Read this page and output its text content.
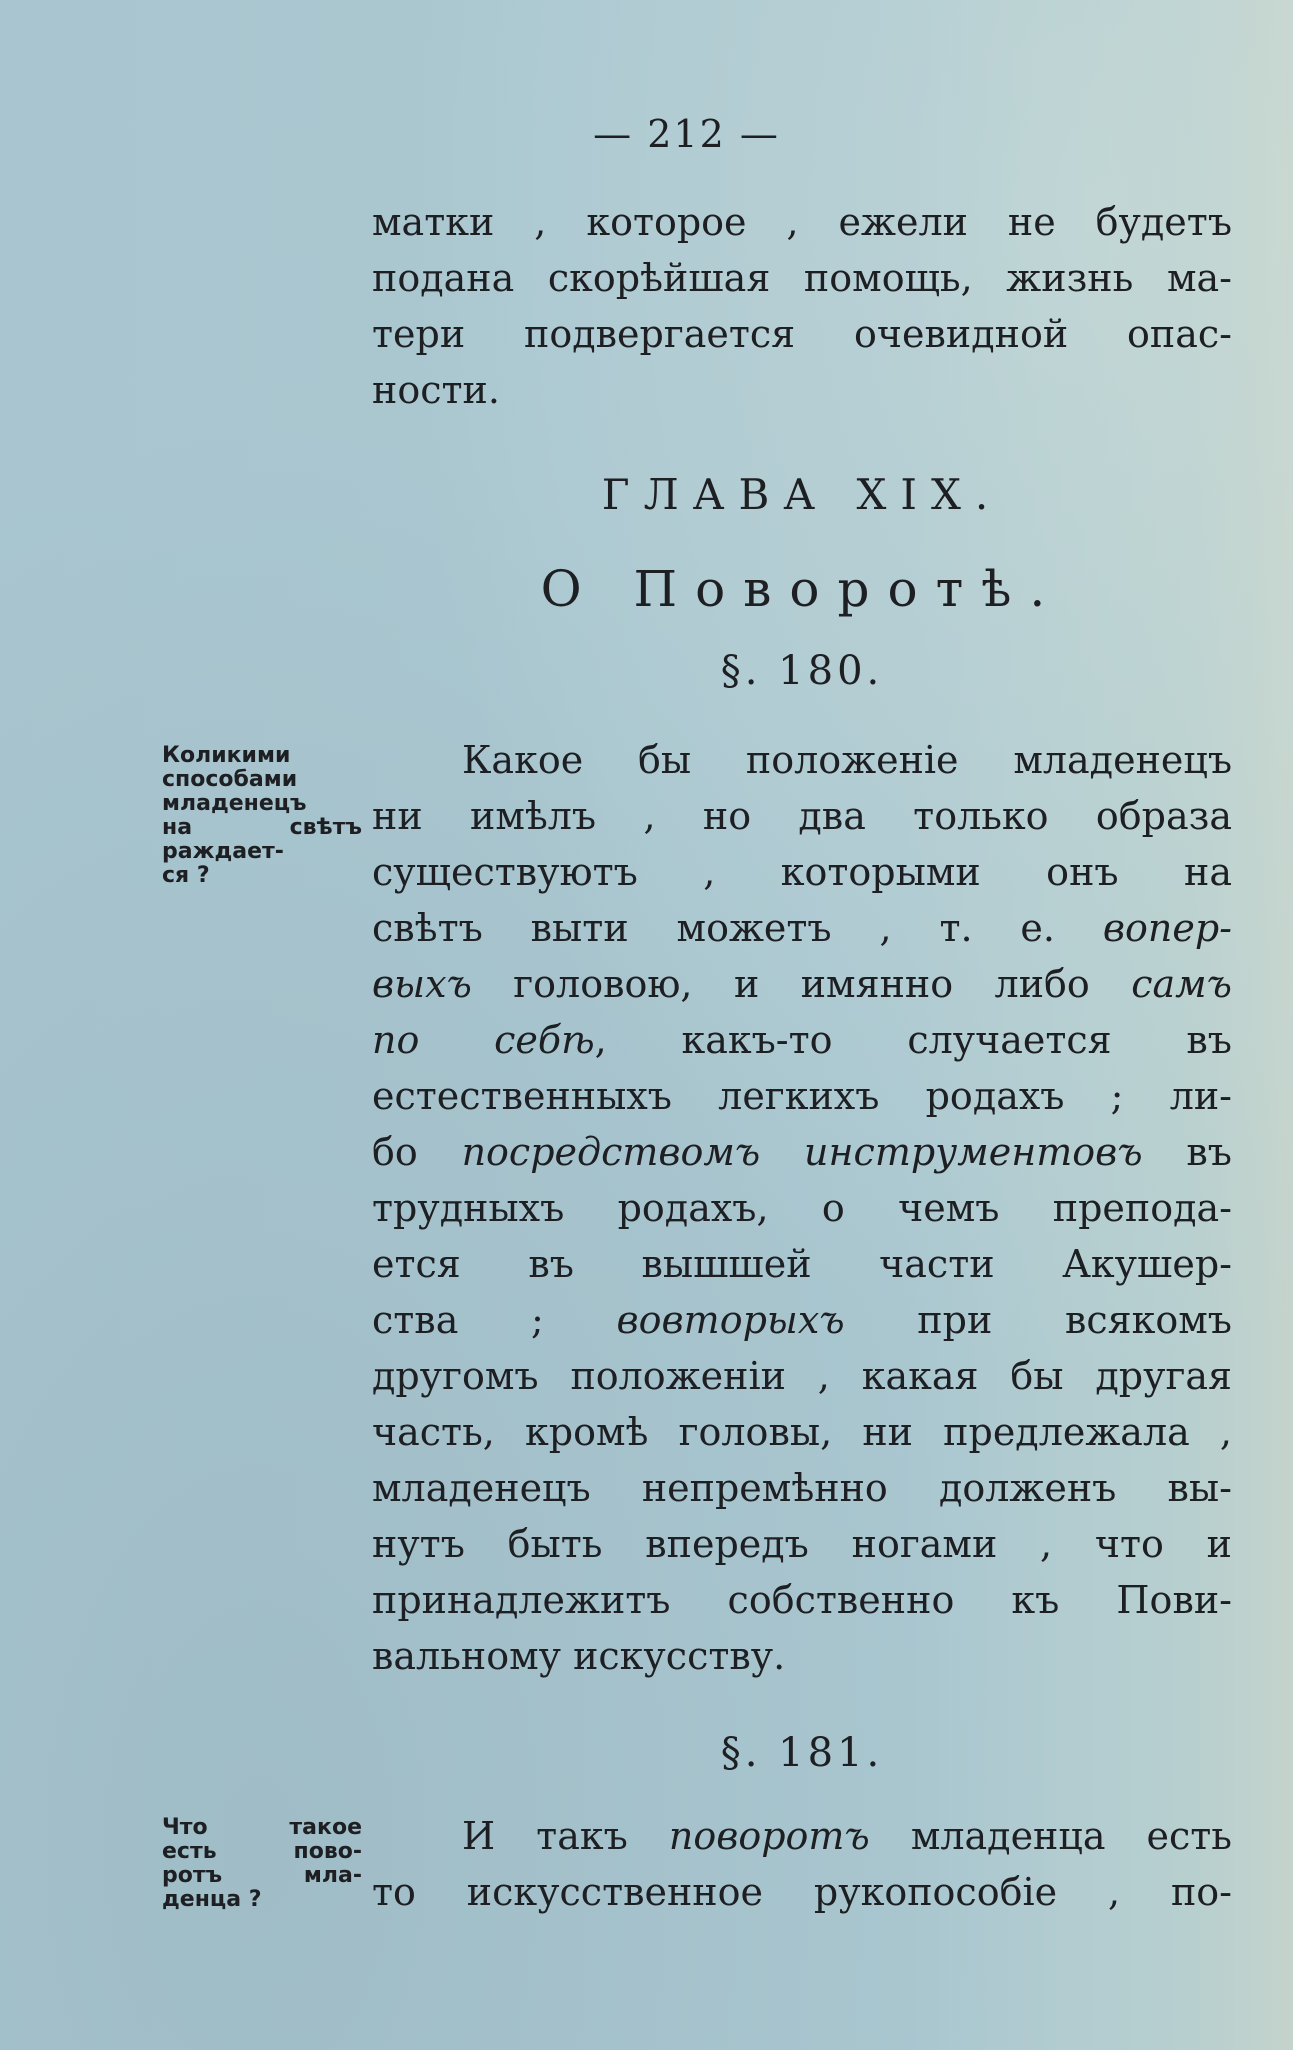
— 212 —
матки , которое , ежели не будетъ
подана скорѣйшая помощь, жизнь ма-
тери подвергается очевидной опас-
ности.
ГЛАВА XIX.
О Поворотѣ.
§. 180.
Коликими
способами
младенецъ
на свѣтъ
раждает-
ся ?
Какое бы положеніе младенецъ
ни имѣлъ , но два только образа
существуютъ , которыми онъ на
свѣтъ выти можетъ , т. е. вопер-
выхъ головою, и имянно либо самъ
по себѣ, какъ-то случается въ
естественныхъ легкихъ родахъ ; ли-
бо посредствомъ инструментовъ въ
трудныхъ родахъ, о чемъ препода-
ется въ вышшей части Акушер-
ства ; вовторыхъ при всякомъ
другомъ положеніи , какая бы другая
часть, кромѣ головы, ни предлежала ,
младенецъ непремѣнно долженъ вы-
нутъ быть впередъ ногами , что и
принадлежитъ собственно къ Пови-
вальному искусству.
§. 181.
Что такое
есть пово-
ротъ мла-
денца ?
И такъ поворотъ младенца есть
то искусственное рукопособіе , по-
